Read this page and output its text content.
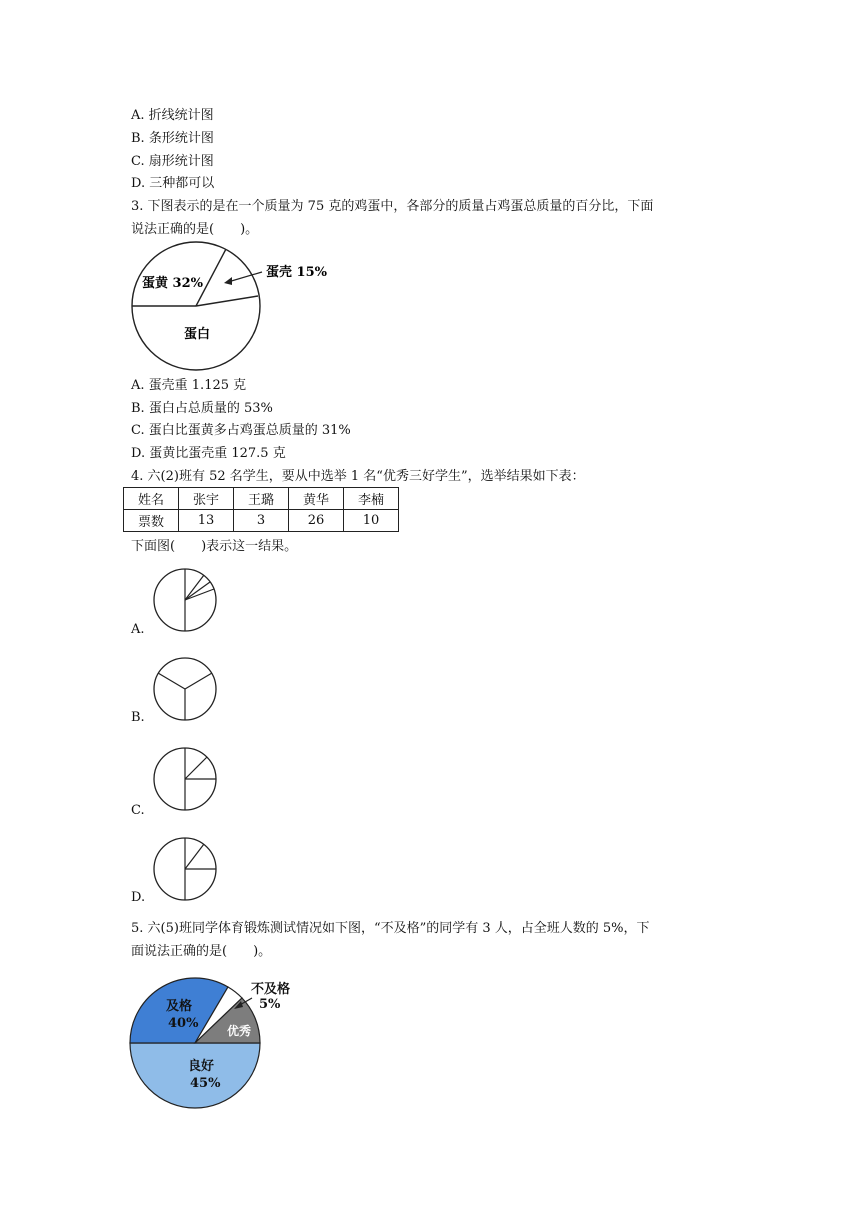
A. 折线统计图
B. 条形统计图
C. 扇形统计图
D. 三种都可以
3. 下图表示的是在一个质量为 75 克的鸡蛋中，各部分的质量占鸡蛋总质量的百分比，下面
说法正确的是(　　)。
蛋黄 32%
蛋白
蛋壳 15%
A. 蛋壳重 1.125 克
B. 蛋白占总质量的 53%
C. 蛋白比蛋黄多占鸡蛋总质量的 31%
D. 蛋黄比蛋壳重 127.5 克
4. 六(2)班有 52 名学生，要从中选举 1 名“优秀三好学生”，选举结果如下表：
姓名	张宇	王璐	黄华	李楠
票数	13	3	26	10
下面图(　　)表示这一结果。
A.
B.
C.
D.
5. 六(5)班同学体育锻炼测试情况如下图，“不及格”的同学有 3 人，占全班人数的 5%，下
面说法正确的是(　　)。
及格
40% 优秀
良好
45%
不及格
5%
